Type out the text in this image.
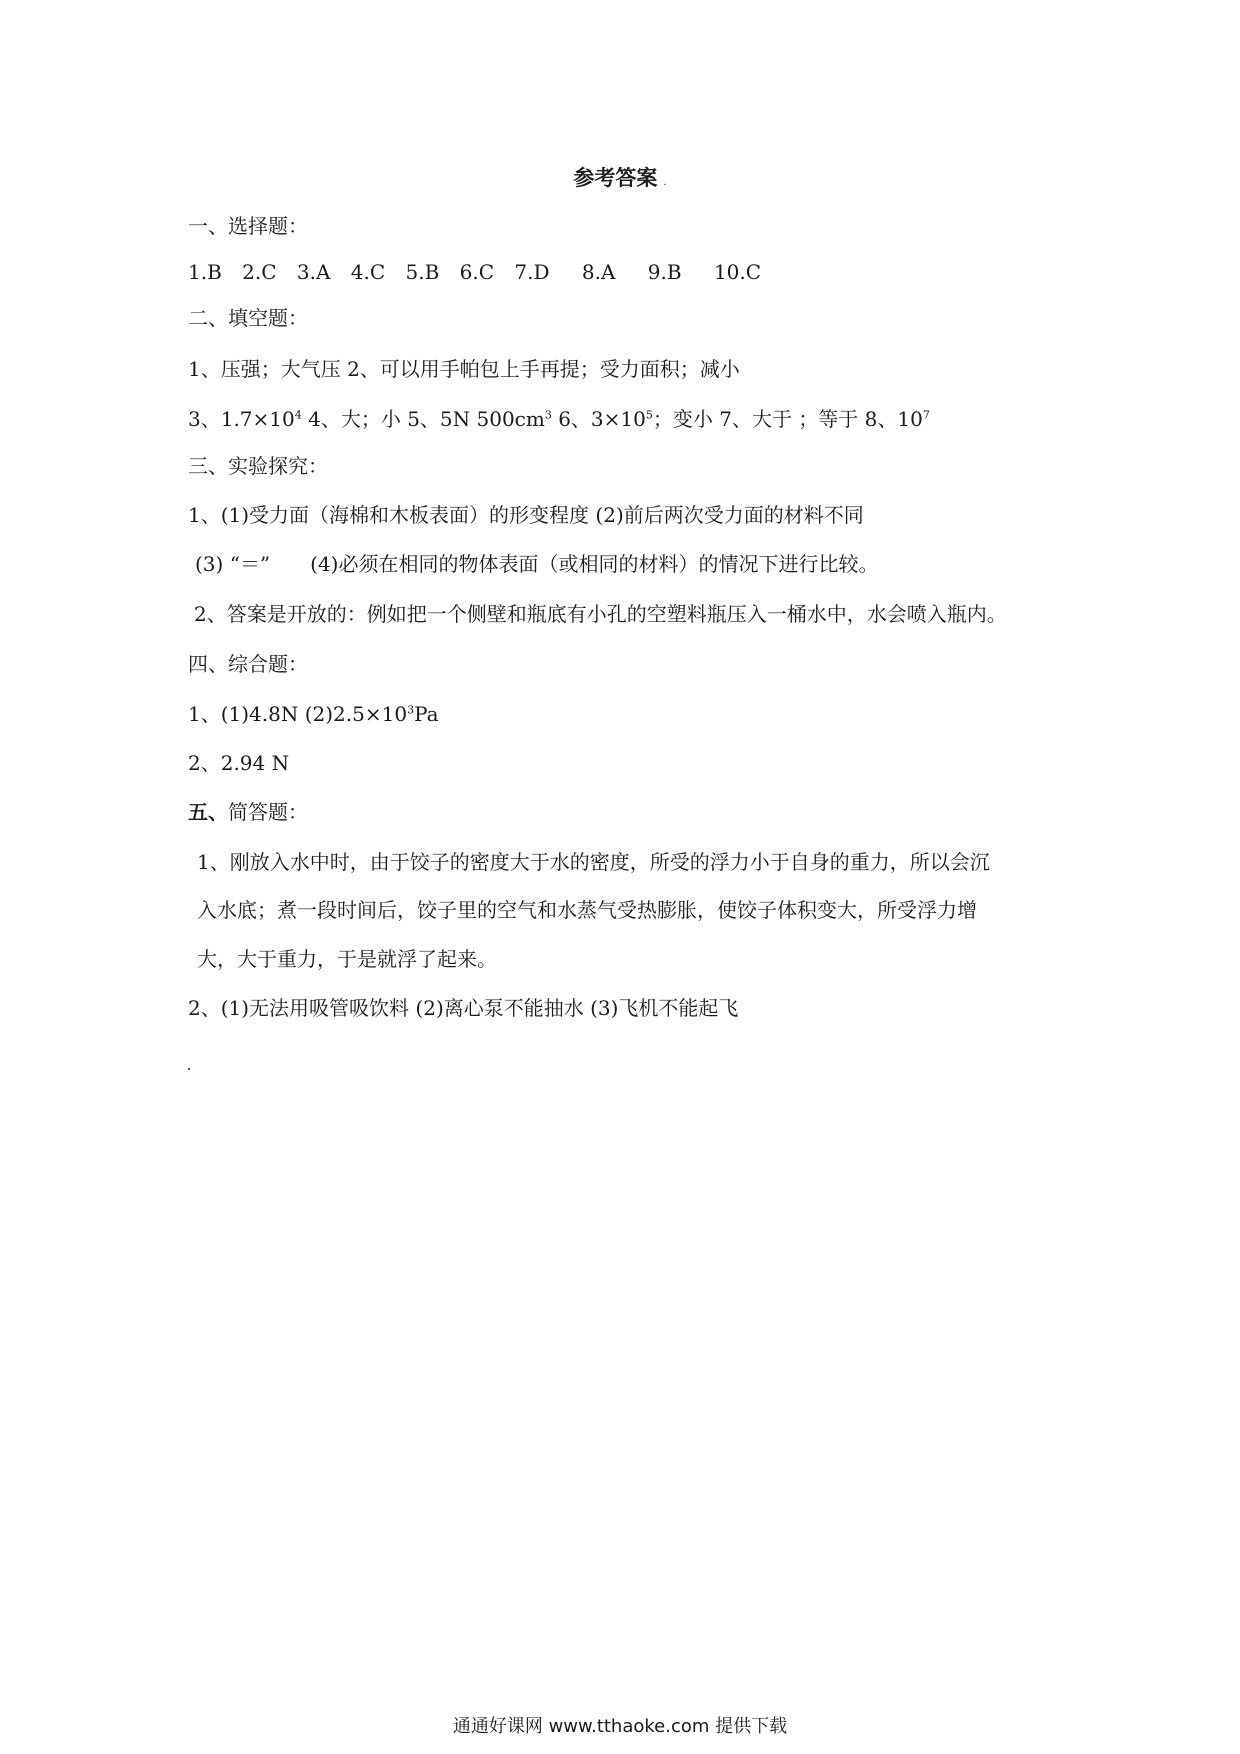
参考答案 .
一、选择题：
1.B 2.C 3.A 4.C 5.B 6.C 7.D 8.A 9.B 10.C
二、填空题：
1、压强；大气压 2、可以用手帕包上手再提；受力面积；减小
3、$1.7\times 10^4$ 4、大；小 5、5N $500cm^3$ 6、$3\times 10^5$；变小 7、大于 ；等于 8、$10^7$
三、实验探究：
1、(1)受力面（海棉和木板表面）的形变程度 (2)前后两次受力面的材料不同
(3) “＝” (4)必须在相同的物体表面（或相同的材料）的情况下进行比较。
2、答案是开放的：例如把一个侧壁和瓶底有小孔的空塑料瓶压入一桶水中，水会喷入瓶内。
四、综合题：
1、(1)4.8N $(2)2.5\times 10^3Pa$
2、2.94 N
五、简答题：
1、刚放入水中时，由于饺子的密度大于水的密度，所受的浮力小于自身的重力，所以会沉
入水底；煮一段时间后，饺子里的空气和水蒸气受热膨胀，使饺子体积变大，所受浮力增
大，大于重力，于是就浮了起来。
2、(1)无法用吸管吸饮料 (2)离心泵不能抽水 (3)飞机不能起飞
通通好课网 www.tthaoke.com 提供下载
